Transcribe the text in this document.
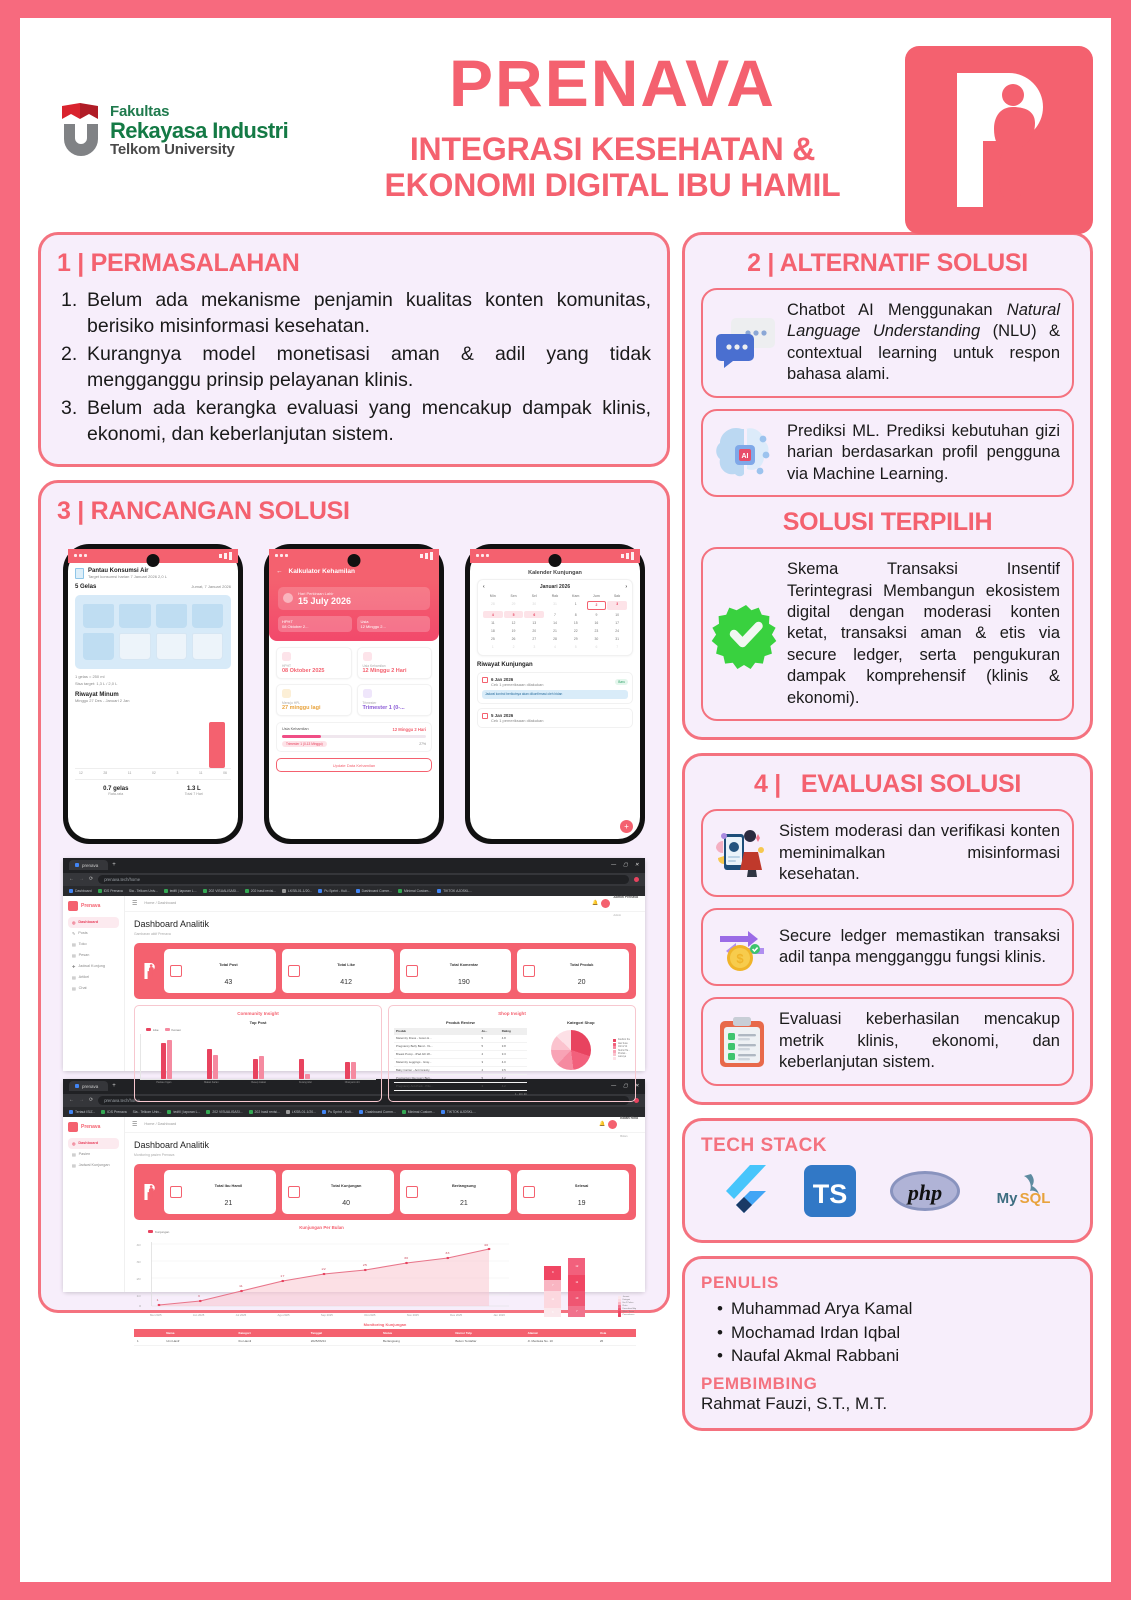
Fakultas
Rekayasa Industri
Telkom University
PRENAVA
INTEGRASI KESEHATAN &
EKONOMI DIGITAL IBU HAMIL
1 | PERMASALAHAN
Belum ada mekanisme penjamin kualitas konten komunitas, berisiko misinformasi kesehatan.
Kurangnya model monetisasi aman & adil yang tidak mengganggu prinsip pelayanan klinis.
Belum ada kerangka evaluasi yang mencakup dampak klinis, ekonomi, dan keberlanjutan sistem.
3 | RANCANGAN SOLUSI
Pantau Konsumsi Air
Target konsumsi harian 7 Januari 2026 2,0 L
5 Gelas	Jumat, 7 Januari 2026
1 gelas = 250 ml
Sisa target: 1,3 L / 2,0 L
Riwayat Minum
Minggu 27 Des - Januari 2 Jan
12	28	11	02	3	11	06
0.7 gelas
Rata-rata
1.3 L
Total 7 Hari
← Kalkulator Kehamilan
Hari Perkiraan Lahir
15 July 2026
HPHT
08 Oktober 2...
Usia
12 Minggu 2...
HPHT
08 Oktober 2025
Usia Kehamilan
12 Minggu 2 Hari
Menuju HPL
27 minggu lagi
Trimester
Trimester 1 (0-...
Usia Kehamilan	12 Minggu 2 Hari
Trimester 1 (0-13 Minggu)	27%
Update Data Kehamilan
Kalender Kunjungan
‹	Januari 2026	›
Min	Sen	Sel	Rab	Kam	Jum	Sab
28	29	30	31	1	2	3
4	5	6	7	8	9	10
11	12	13	14	15	16	17
18	19	20	21	22	23	24
25	26	27	28	29	30	31
1	2	3	4	5	6	7
Riwayat Kunjungan
6 Jan 2026
Cek 1 pemeriksaan dilakukan	Baru
Jadwal kontrol berikutnya akan dikonfirmasi oleh bidan
5 Jan 2026
Cek 1 pemeriksaan dilakukan
+
prenava +	— ▢ ✕
← → ⟳	prenava.tech/home
Dashboard	IDS Prenava Sia - Telkom Univ...	tedfil | laporan L...	202 VISUALISASI...	202 hasil revisi...	LKSB-01-1/20...	Pu Sprint - Kuli...	Dashboard Comm...	Minimal Custom...	TIKTOK AJOSKL...
Prenava
◎ Dashboard
✎ Posts
▤ Toko
▤ Pesan
✚ Jadwal Kunjung
▤ Artikel
▤ Chat
☰ Home / Dashboard	🔔
Admin Prenava
Admin
Dashboard Analitik
Gambaran aktif Prenava
Total Post
43
Total Like
412
Total Komentar
190
Total Produk
20
Community Insight
Top Post
Like	Komen
Pantau ringan	Makan harian	Resep makan	Kurang tidur	Obat janin sht
Shop Insight
Produk Review
Produk	Ju...	Rating
Maternity Dress - Gown H...	5	4.8
Pregnancy Belly Band - XL...	5	3.8
Breast Pump - iPad AD 18...	4	3.3
Maternity Leggings - Gray...	3	4.0
Baby Carrier - Anti Gravity	4	3.5
Postpartum Recovery Belt...	5	4.2
Pregnancy Anti-Pack - Pillo...	3	4.2
1 - 10 / 20
Kategori Shop
Fashion Ibu
Alat Susu
ASI & Vit
Nutrisi Ha...
Produk...
Lainnya
prenava +	— ▢ ✕
← → ⟳	prenava.tech/home
Tertaut ISIZ...	IDS Prenava Sia - Telkom Univ...	tedfil | laporan L...	202 VISUALISASI...	202 hasil revisi...	LKSB-01-1/20...	Pu Sprint - Kuli...	Dashboard Comm...	Minimal Custom...	TIKTOK AJOSKL...
Prenava
◎ Dashboard
▤ Pasien
▤ Jadwal Kunjungan
☰ Home / Dashboard	🔔
Bidan Rina
Bidan
Dashboard Analitik
Monitoring pasien Prenava
Total Ibu Hamil
21
Total Kunjungan
40
Berlangsung
21
Selesai
19
Kunjungan Per Bulan
Kunjungan
1
3
11
17
22
25
30
33
40
40
30
20
10
0
Mei 2025	Jun 2025	Jul 2025	Agu 2025	Sep 2025	Okt 2025	Nov 2025	Des 2025	Jan 2026
9
7
11
6
12
11
10
7
Januari
Kategori
Ibu 2 Pekan
Rutin
Konsultasi Bdg
Nifas / Sesar
Pemeriksaan
Monitoring Kunjungan
Nama	Kategori	Tanggal	Status	Nomor Telp	Alamat	Usia
1	Umi Hanif	Ibu Hamil	2025/06/24	Berlangsung	Belum Terdaftar	Jl. Merdeka No. 10	26
2 | ALTERNATIF SOLUSI
Chatbot AI Menggunakan Natural Language Understanding (NLU) & contextual learning untuk respon bahasa alami.
AI
Prediksi ML. Prediksi kebutuhan gizi harian berdasarkan profil pengguna via Machine Learning.
SOLUSI TERPILIH
Skema Transaksi Insentif Terintegrasi Membangun ekosistem digital dengan moderasi konten ketat, transaksi aman & etis via secure ledger, serta pengukuran dampak komprehensif (klinis & ekonomi).
4 | EVALUASI SOLUSI
Sistem moderasi dan verifikasi konten meminimalkan misinformasi kesehatan.
$
Secure ledger memastikan transaksi adil tanpa mengganggu fungsi klinis.
Evaluasi keberhasilan mencakup metrik klinis, ekonomi, dan keberlanjutan sistem.
TECH STACK
TS	php	My SQL
PENULIS
• Muhammad Arya Kamal
• Mochamad Irdan Iqbal
• Naufal Akmal Rabbani
PEMBIMBING
Rahmat Fauzi, S.T., M.T.
